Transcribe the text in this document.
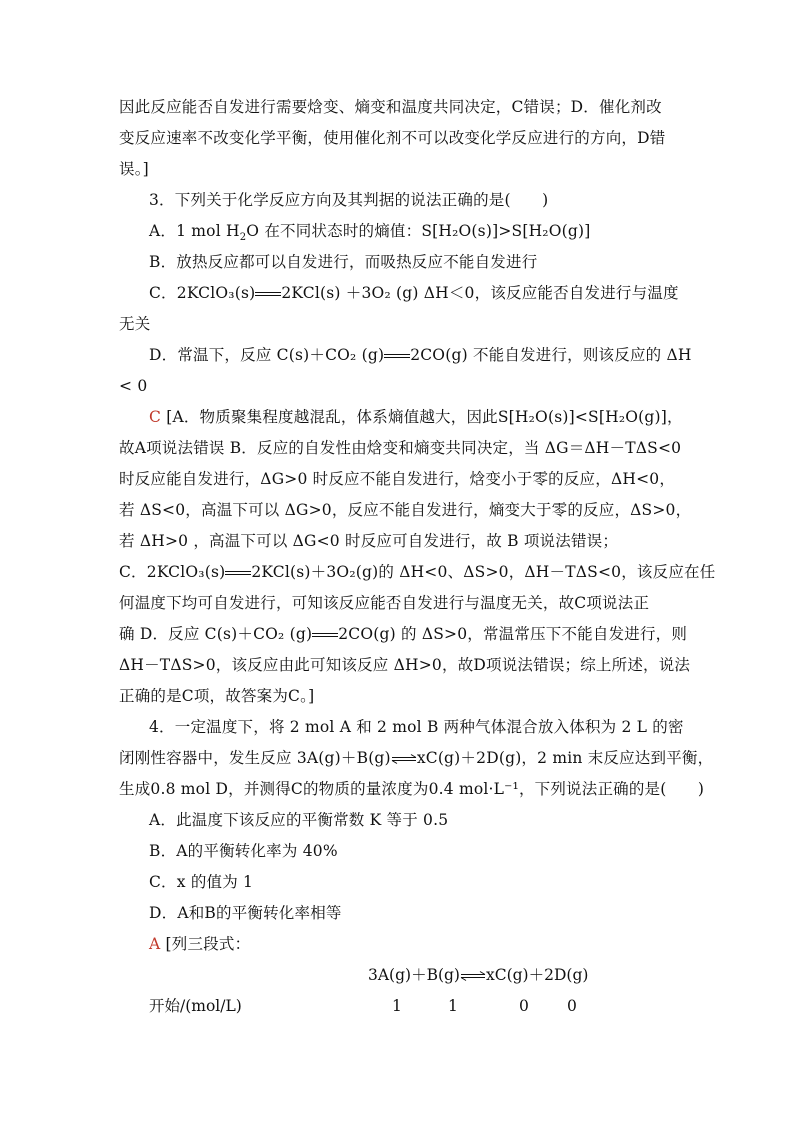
因此反应能否自发进行需要焓变、熵变和温度共同决定，C错误；D．催化剂改
变反应速率不改变化学平衡，使用催化剂不可以改变化学反应进行的方向，D错
误。]
3．下列关于化学反应方向及其判据的说法正确的是(　　)
A．1 mol $H_2O$ 在不同状态时的熵值：S[H₂O(s)]>S[H₂O(g)]
B．放热反应都可以自发进行，而吸热反应不能自发进行
C．2KClO₃(s) 2KCl(s) ＋3O₂ (g) ΔH＜0，该反应能否自发进行与温度
无关
D．常温下，反应 C(s)＋CO₂ (g) 2CO(g) 不能自发进行，则该反应的 ΔH
< 0
C [A．物质聚集程度越混乱，体系熵值越大，因此S[H₂O(s)]<S[H₂O(g)]，
故A项说法错误 B．反应的自发性由焓变和熵变共同决定，当 ΔG＝ΔH－TΔS<0
时反应能自发进行，ΔG>0 时反应不能自发进行，焓变小于零的反应，ΔH<0，
若 ΔS<0，高温下可以 ΔG>0，反应不能自发进行，熵变大于零的反应，ΔS>0，
若 ΔH>0 ，高温下可以 ΔG<0 时反应可自发进行，故 B 项说法错误；
C．2KClO₃(s) 2KCl(s)＋3O₂(g)的 ΔH<0、ΔS>0，ΔH－TΔS<0，该反应在任
何温度下均可自发进行，可知该反应能否自发进行与温度无关，故C项说法正
确 D．反应 C(s)＋CO₂ (g) 2CO(g) 的 ΔS>0，常温常压下不能自发进行，则
ΔH－TΔS>0，该反应由此可知该反应 ΔH>0，故D项说法错误；综上所述，说法
正确的是C项，故答案为C。]
4．一定温度下，将 2 mol A 和 2 mol B 两种气体混合放入体积为 2 L 的密
闭刚性容器中，发生反应 3A(g)＋B(g)⇌xC(g)＋2D(g)，2 min 末反应达到平衡，
生成0.8 mol D，并测得C的物质的量浓度为0.4 mol·L⁻¹，下列说法正确的是(　　)
A．此温度下该反应的平衡常数 K 等于 0.5
B．A的平衡转化率为 40%
C．x 的值为 1
D．A和B的平衡转化率相等
A [列三段式：
3A(g)＋B(g)⇌xC(g)＋2D(g)
开始/(mol/L)	1	1	0 0
